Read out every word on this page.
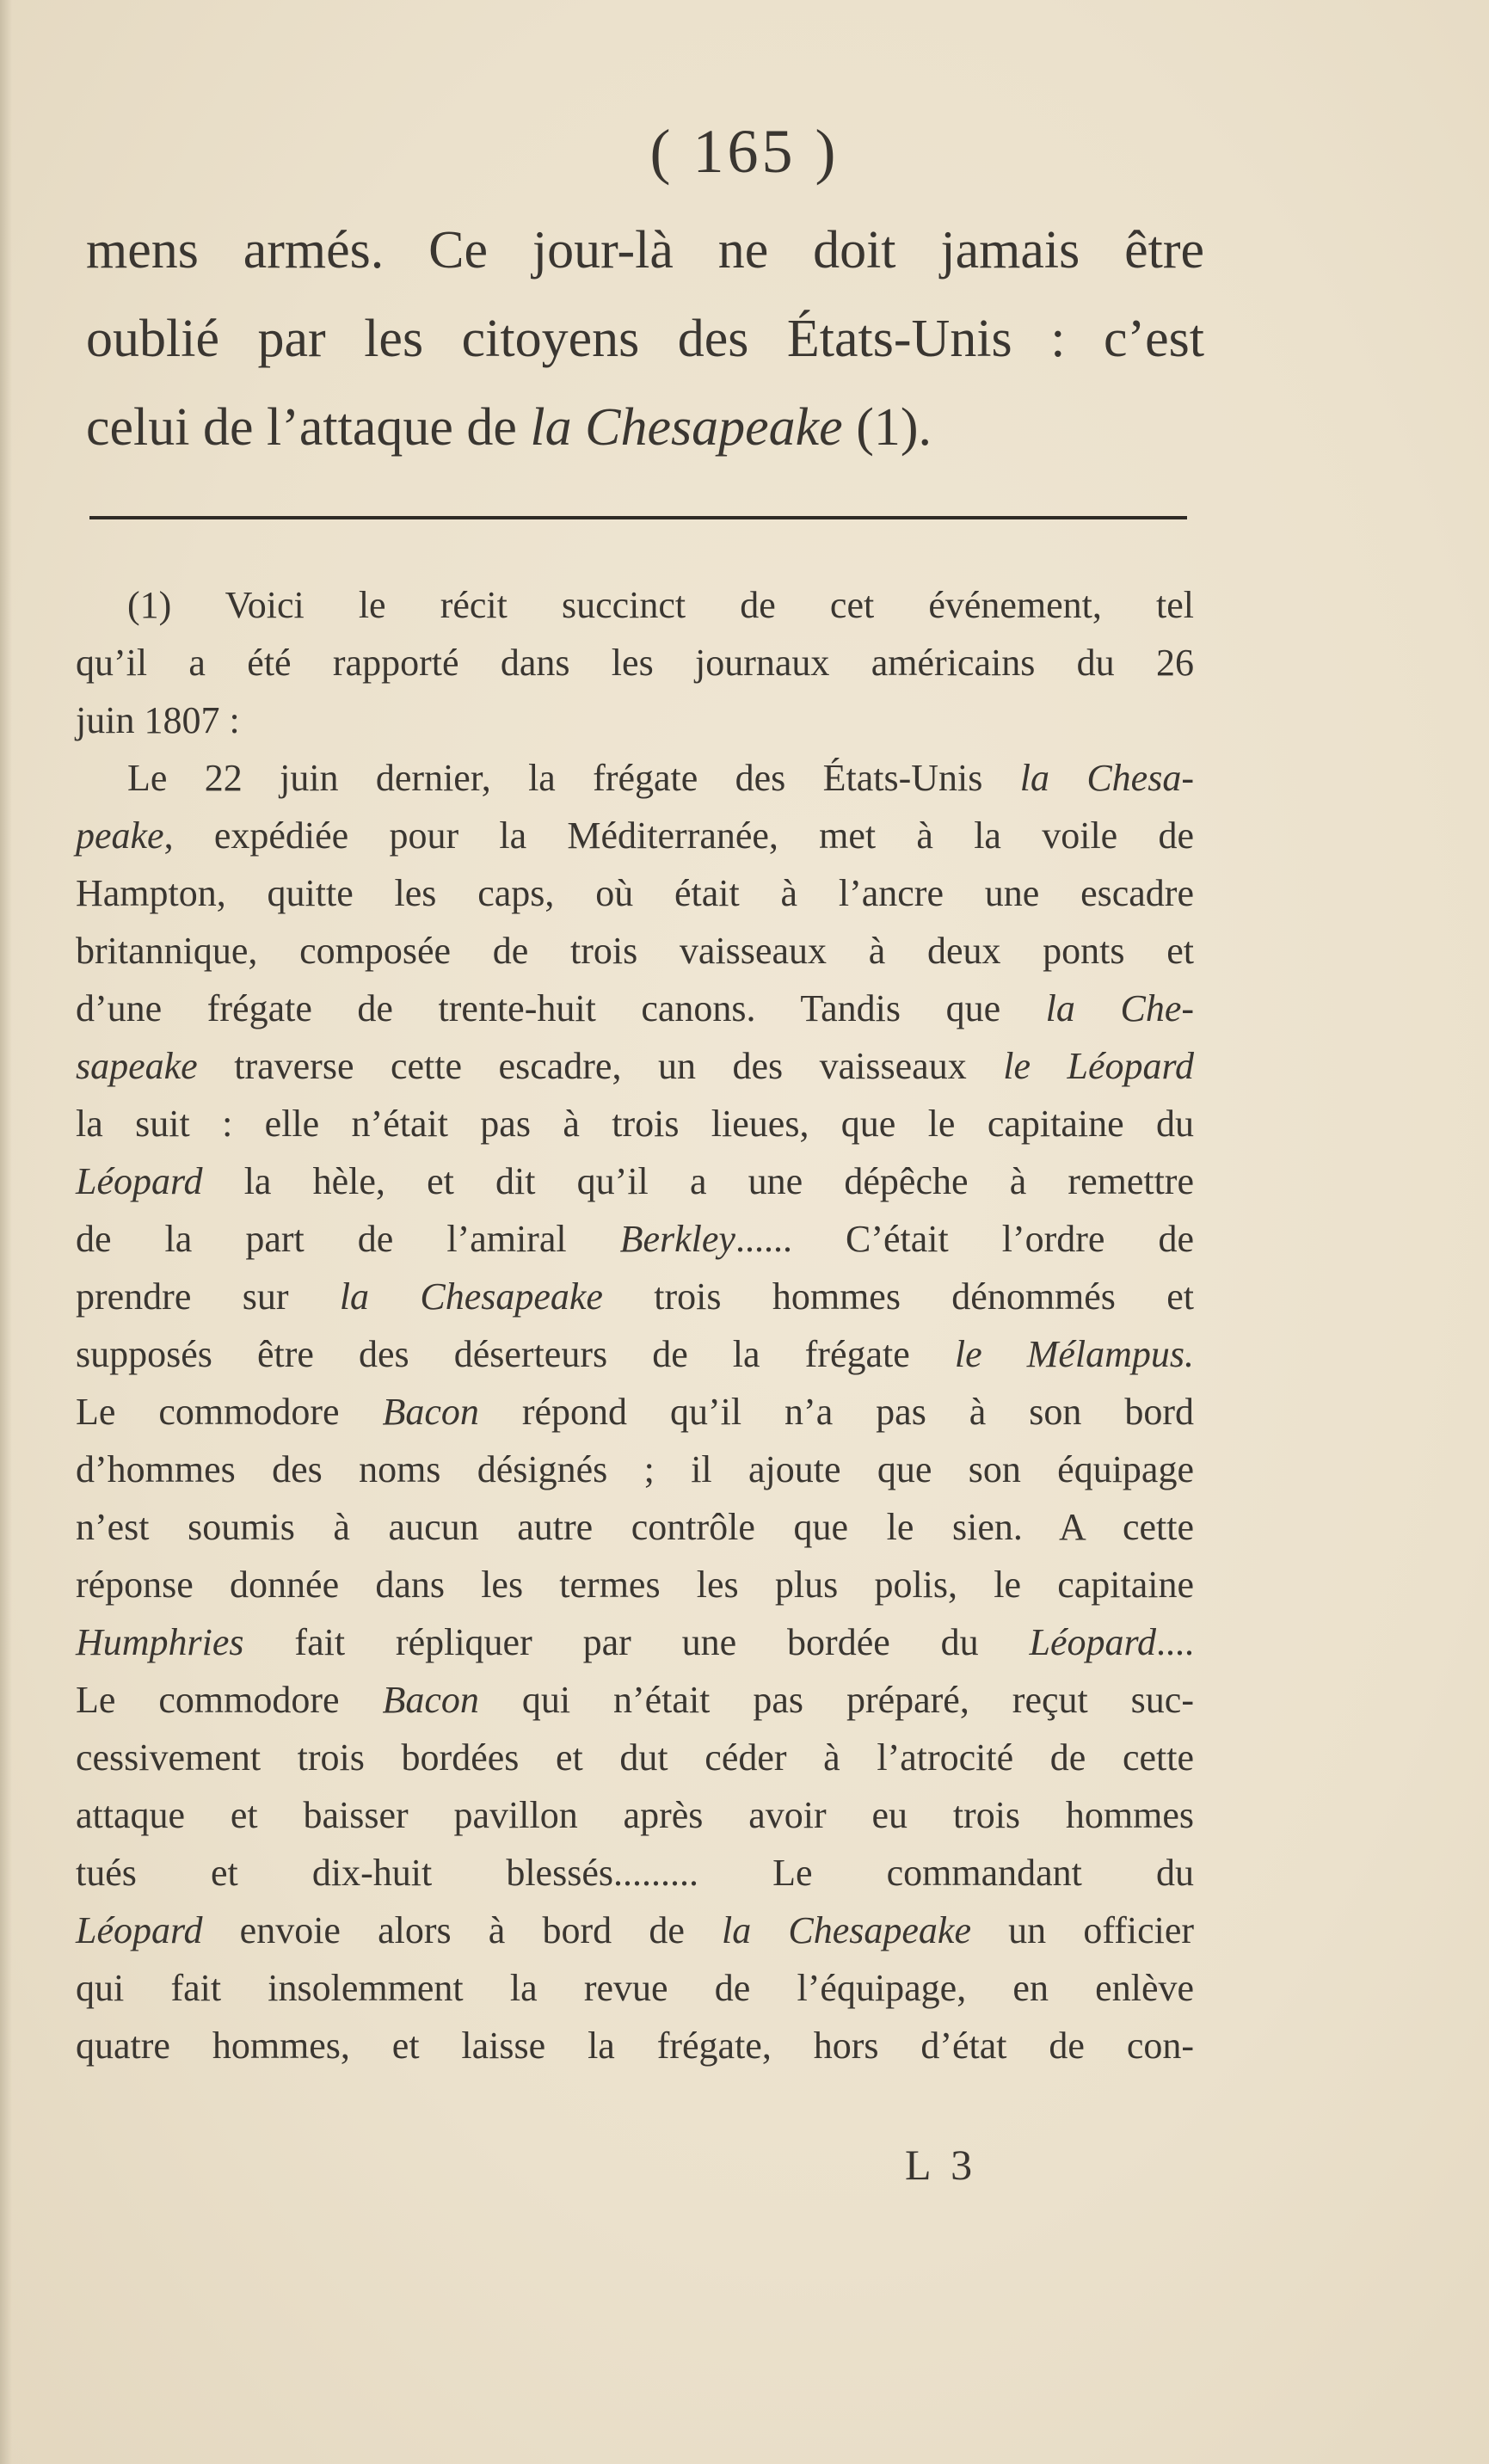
( 165 )

mens armés. Ce jour-là ne doit jamais être
oublié par les citoyens des États-Unis : c’est
celui de l’attaque de la Chesapeake (1).

(1) Voici le récit succinct de cet événement, tel
qu’il a été rapporté dans les journaux américains du 26
juin 1807 :
Le 22 juin dernier, la frégate des États-Unis la Chesa-
peake, expédiée pour la Méditerranée, met à la voile de
Hampton, quitte les caps, où était à l’ancre une escadre
britannique, composée de trois vaisseaux à deux ponts et
d’une frégate de trente-huit canons. Tandis que la Che-
sapeake traverse cette escadre, un des vaisseaux le Léopard
la suit : elle n’était pas à trois lieues, que le capitaine du
Léopard la hèle, et dit qu’il a une dépêche à remettre
de la part de l’amiral Berkley...... C’était l’ordre de
prendre sur la Chesapeake trois hommes dénommés et
supposés être des déserteurs de la frégate le Mélampus.
Le commodore Bacon répond qu’il n’a pas à son bord
d’hommes des noms désignés ; il ajoute que son équipage
n’est soumis à aucun autre contrôle que le sien. A cette
réponse donnée dans les termes les plus polis, le capitaine
Humphries fait répliquer par une bordée du Léopard....
Le commodore Bacon qui n’était pas préparé, reçut suc-
cessivement trois bordées et dut céder à l’atrocité de cette
attaque et baisser pavillon après avoir eu trois hommes
tués et dix-huit blessés......... Le commandant du
Léopard envoie alors à bord de la Chesapeake un officier
qui fait insolemment la revue de l’équipage, en enlève
quatre hommes, et laisse la frégate, hors d’état de con-
L 3
